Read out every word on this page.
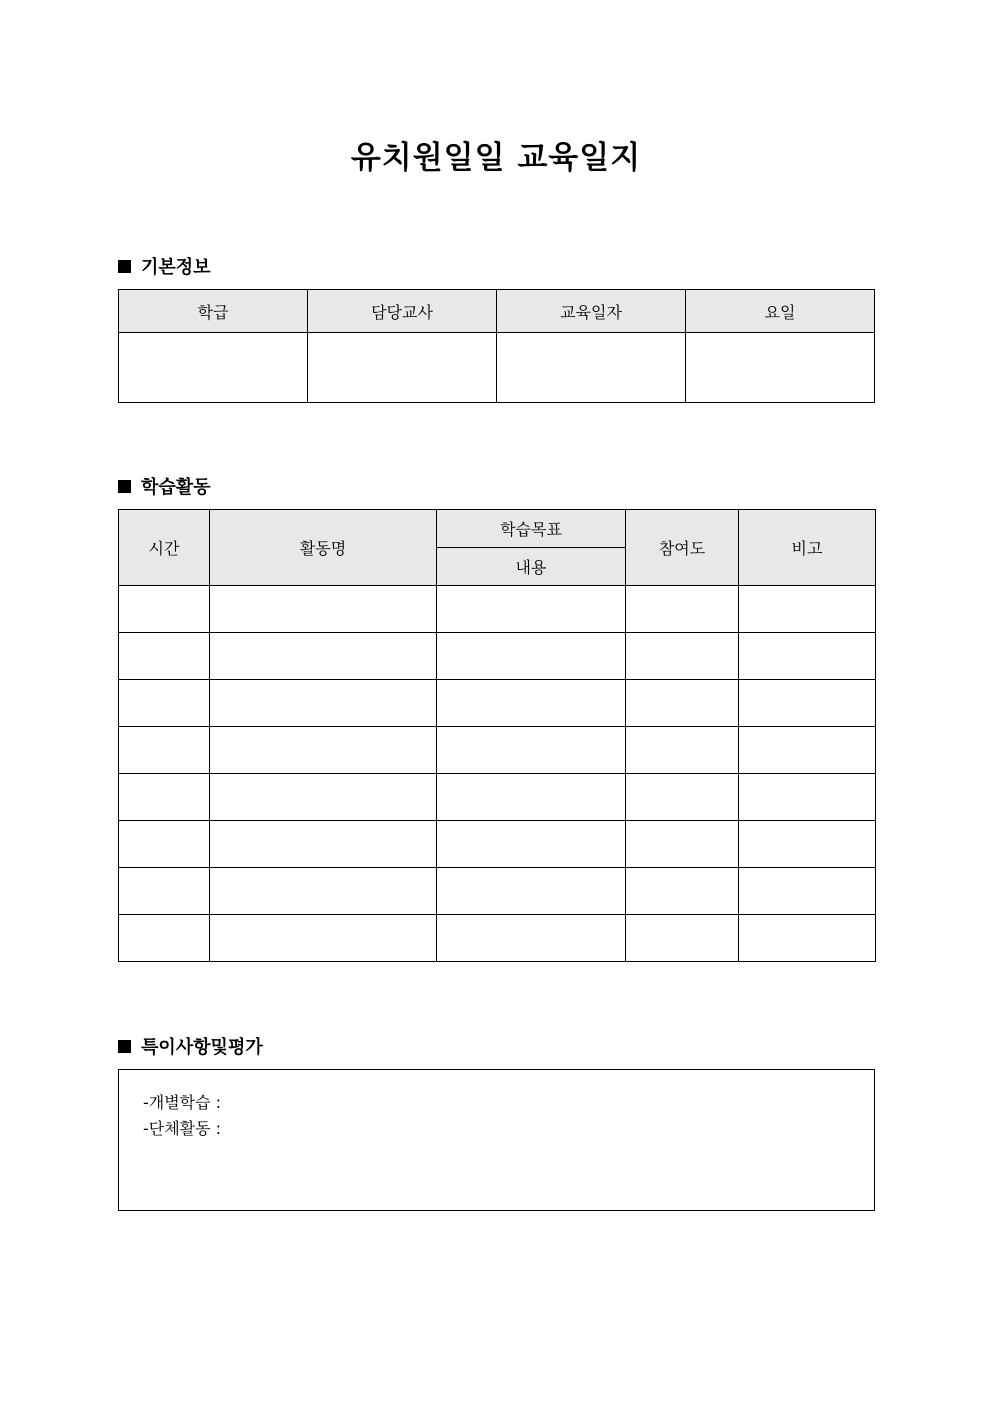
유치원일일 교육일지
기본정보
학급	담당교사	교육일자	요일

학습활동
시간	활동명	학습목표	참여도	비고
		내용		

특이사항및평가
-개별학습 :
-단체활동 :
